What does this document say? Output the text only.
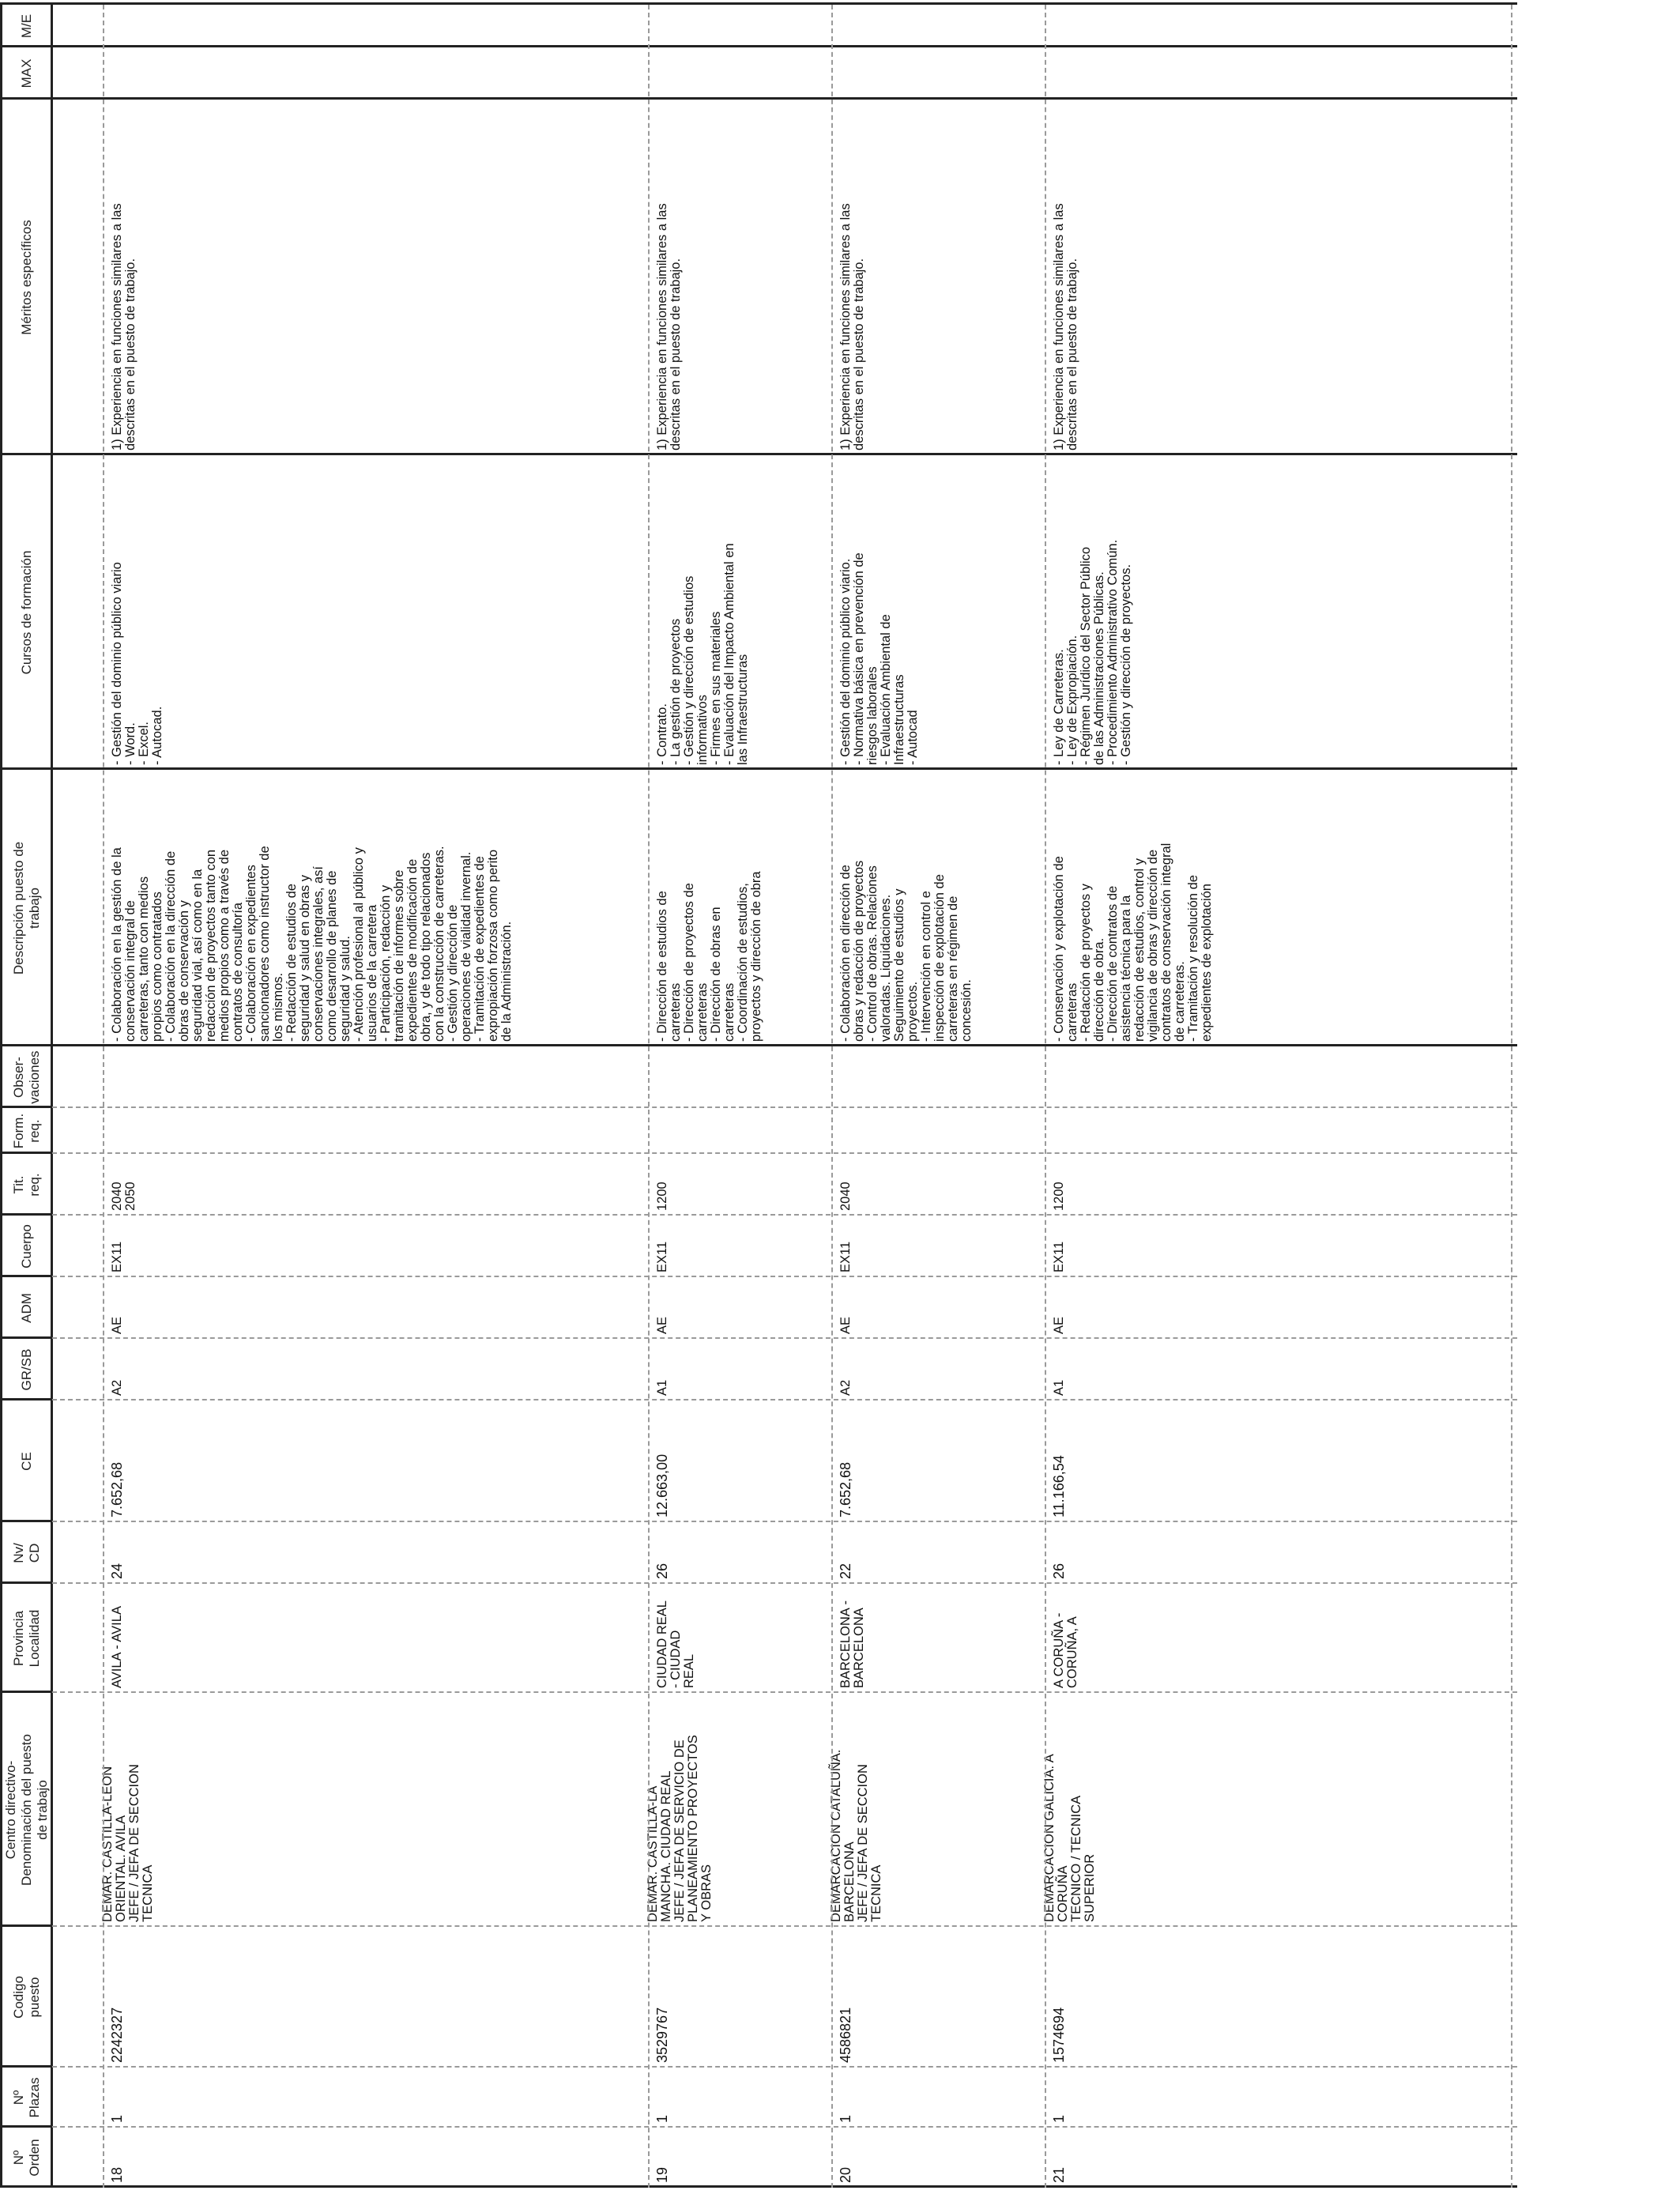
Nº
Orden
Nº
Plazas
Codigo
puesto
Centro directivo-
Denominación del puesto
de trabajo
Provincia
Localidad
Nv/
CD
CE
GR/SB
ADM
Cuerpo
Tit.
req.
Form.
req.
Obser-
vaciones
Descripción puesto de
trabajo
Cursos de formación
Méritos específicos
MAX
M/E
18
1
2242327
DEMAR. CASTILLA-LEON
ORIENTAL. AVILA
JEFE / JEFA DE SECCION
TECNICA
AVILA - AVILA
24
7.652,68
A2
AE
EX11
2040
2050
- Colaboración en la gestión de la
conservación integral de
carreteras, tanto con medios
propios como contratados
- Colaboración en la dirección de
obras de conservación y
seguridad vial, así como en la
redacción de proyectos tanto con
medios propios como a través de
contratos de consultoría
- Colaboración en expedientes
sancionadores como instructor de
los mismos.
- Redacción de estudios de
seguridad y salud en obras y
conservaciones integrales, así
como desarrollo de planes de
seguridad y salud.
- Atención profesional al público y
usuarios de la carretera
- Participación, redacción y
tramitación de informes sobre
expedientes de modificación de
obra, y de todo tipo relacionados
con la construcción de carreteras.
- Gestión y dirección de
operaciones de vialidad invernal.
- Tramitación de expedientes de
expropiación forzosa como perito
de la Administración.
- Gestión del dominio público viario
- Word.
- Excel.
- Autocad.
1) Experiencia en funciones similares a las
descritas en el puesto de trabajo.
19
1
3529767
DEMAR. CASTILLA-LA
MANCHA. CIUDAD REAL
JEFE / JEFA DE SERVICIO DE
PLANEAMIENTO PROYECTOS
Y OBRAS
CIUDAD REAL
- CIUDAD
REAL
26
12.663,00
A1
AE
EX11
1200
- Dirección de estudios de
carreteras
- Dirección de proyectos de
carreteras
- Dirección de obras en
carreteras
- Coordinación de estudios,
proyectos y dirección de obra
- Contrato.
- La gestión de proyectos
- Gestión y dirección de estudios
informativos
- Firmes en sus materiales
- Evaluación del Impacto Ambiental en
las Infraestructuras
1) Experiencia en funciones similares a las
descritas en el puesto de trabajo.
20
1
4586821
DEMARCACION CATALUÑA.
BARCELONA
JEFE / JEFA DE SECCION
TECNICA
BARCELONA -
BARCELONA
22
7.652,68
A2
AE
EX11
2040
- Colaboración en dirección de
obras y redacción de proyectos
- Control de obras. Relaciones
valoradas. Liquidaciones.
Seguimiento de estudios y
proyectos.
- Intervención en control e
inspección de explotación de
carreteras en régimen de
concesión.
- Gestión del dominio público viario.
- Normativa básica en prevención de
riesgos laborales
- Evaluación Ambiental de
Infraestructuras
- Autocad
1) Experiencia en funciones similares a las
descritas en el puesto de trabajo.
21
1
1574694
DEMARCACION GALICIA. A
CORUÑA
TECNICO / TECNICA
SUPERIOR
A CORUÑA -
CORUÑA, A
26
11.166,54
A1
AE
EX11
1200
- Conservación y explotación de
carreteras
- Redacción de proyectos y
dirección de obra.
- Dirección de contratos de
asistencia técnica para la
redacción de estudios, control y
vigilancia de obras y dirección de
contratos de conservación integral
de carreteras.
- Tramitación y resolución de
expedientes de explotación
- Ley de Carreteras.
- Ley de Expropiación.
- Régimen Jurídico del Sector Público
de las Administraciones Públicas.
- Procedimiento Administrativo Común.
- Gestión y dirección de proyectos.
1) Experiencia en funciones similares a las
descritas en el puesto de trabajo.
